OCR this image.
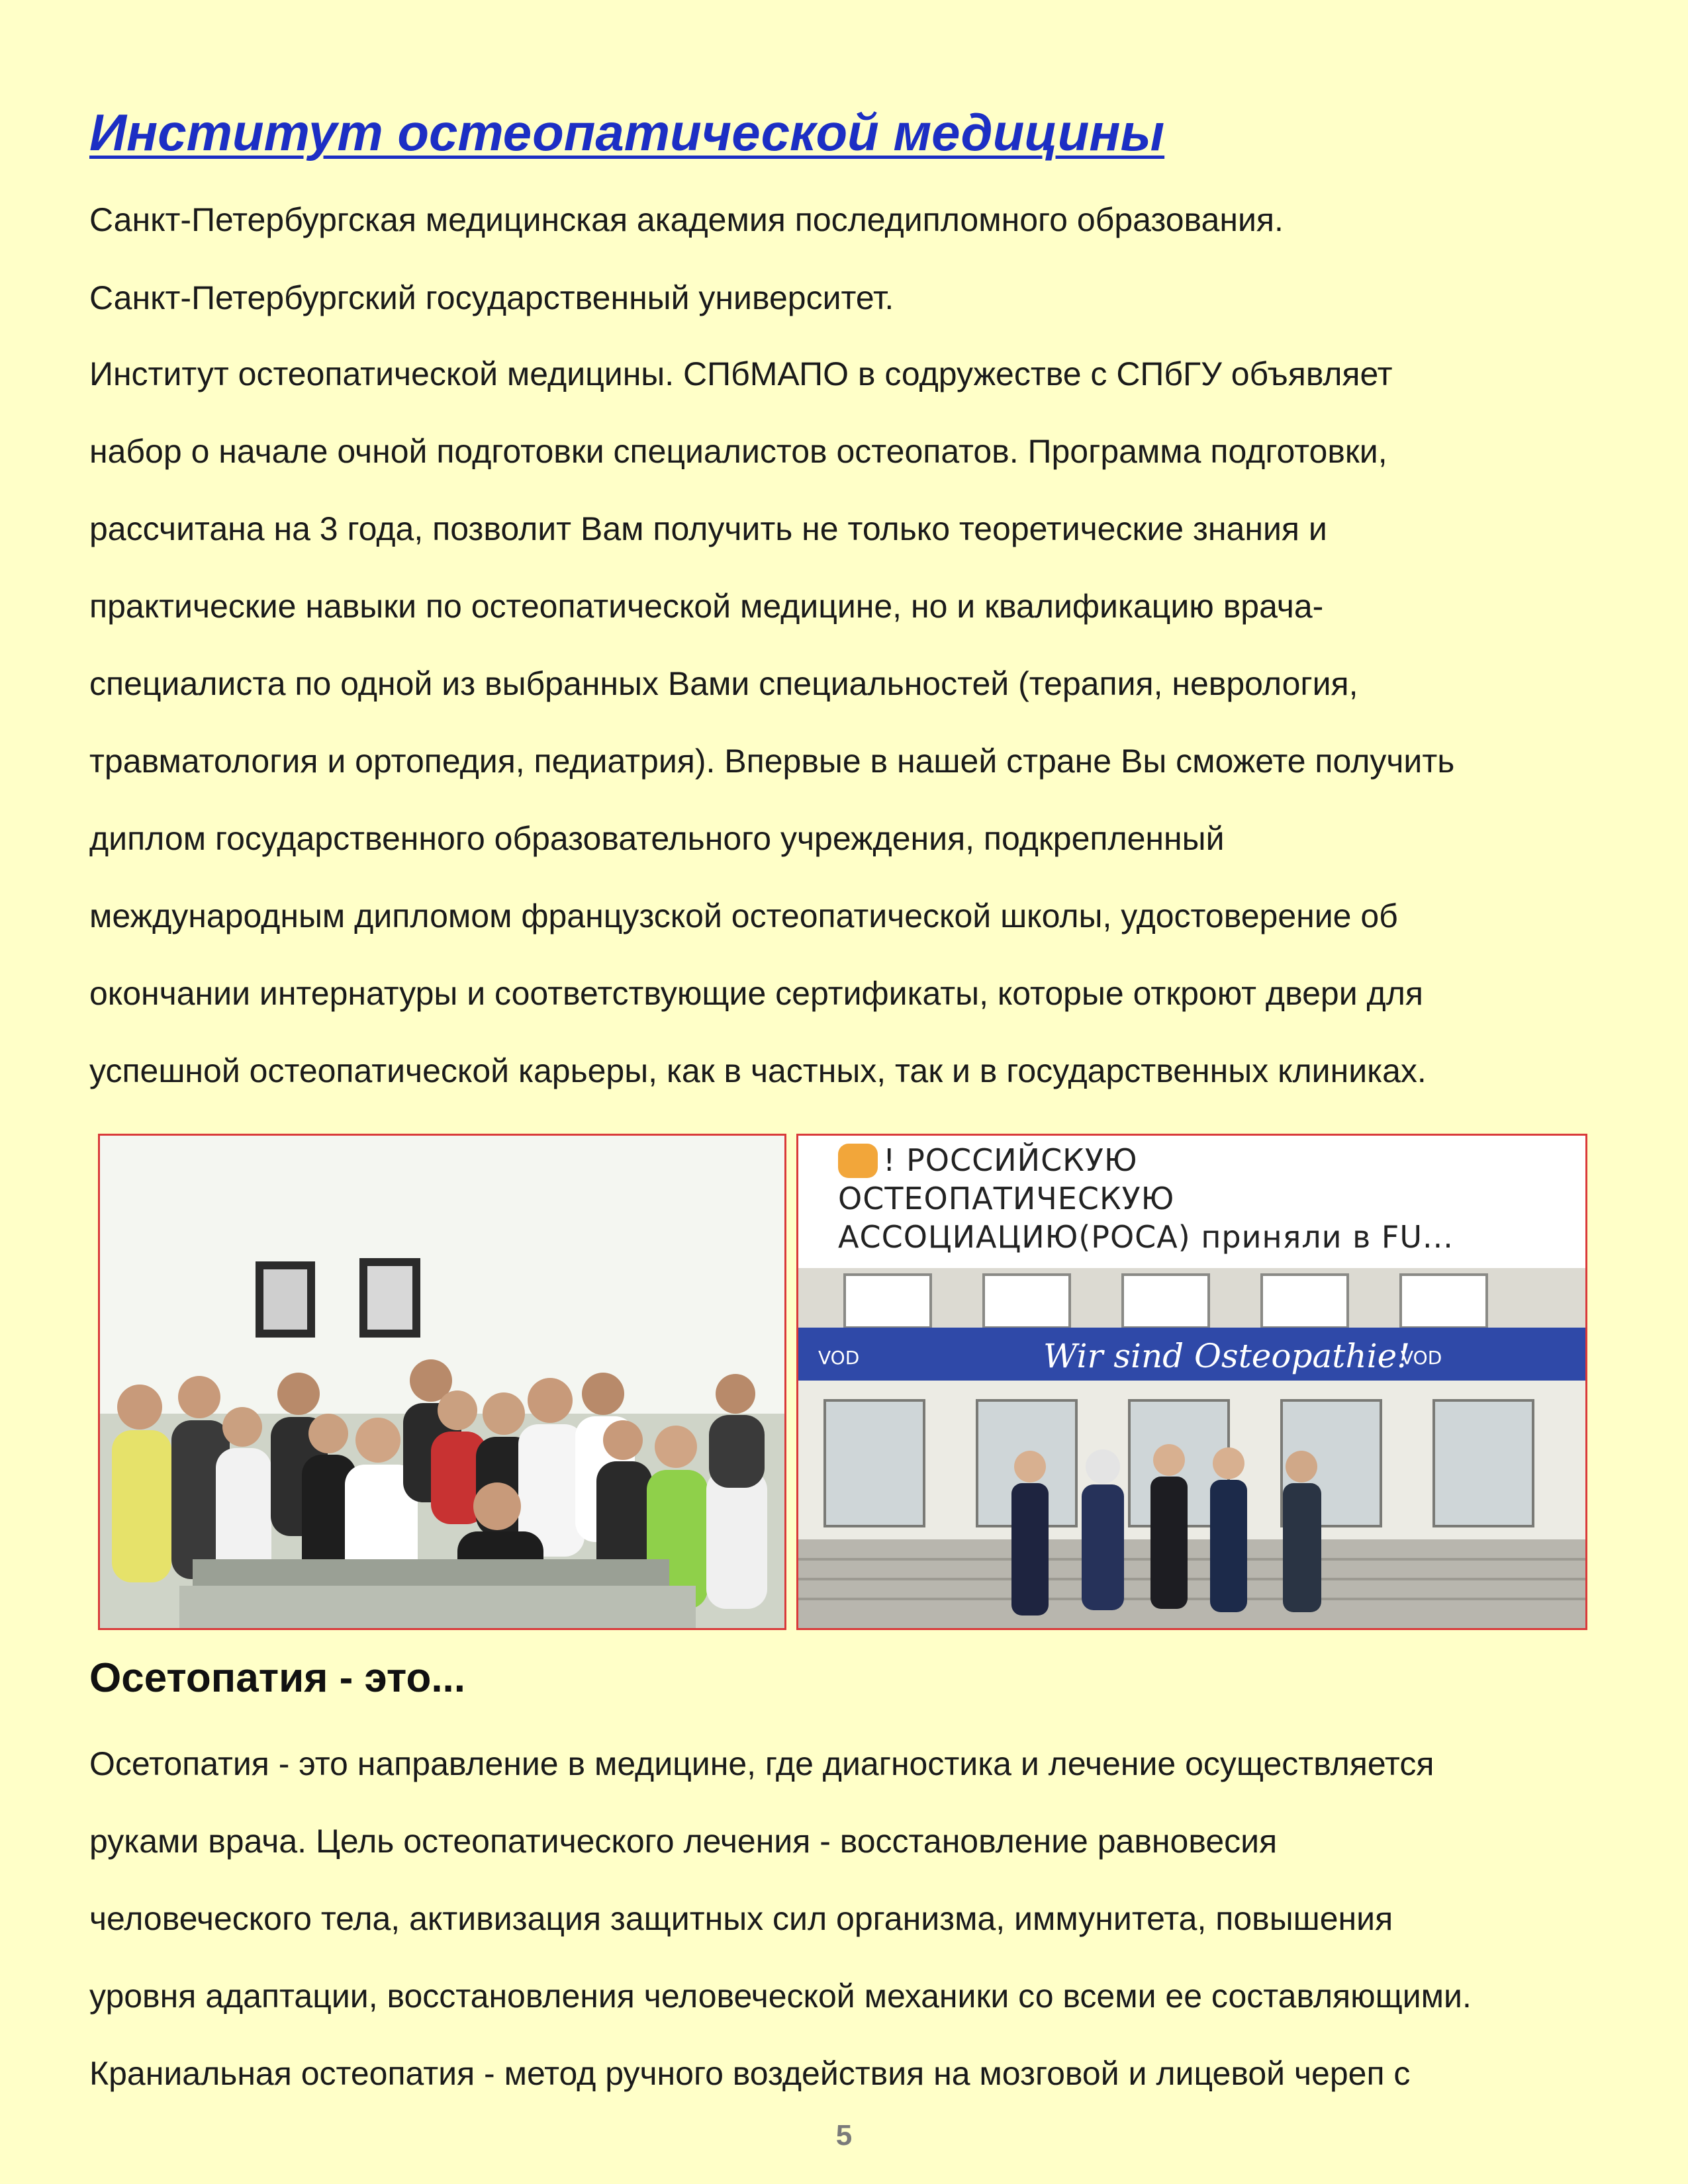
Институт остеопатической медицины

Санкт-Петербургская медицинская академия последипломного образования.

Санкт-Петербургский государственный университет.

Институт остеопатической медицины. СПбМАПО в содружестве с СПбГУ объявляет

набор о начале очной подготовки специалистов остеопатов. Программа подготовки,

рассчитана на 3 года, позволит Вам получить не только теоретические знания и

практические навыки по остеопатической медицине, но и квалификацию врача-

специалиста по одной из выбранных Вами специальностей (терапия, неврология,

травматология и ортопедия, педиатрия). Впервые в нашей стране Вы сможете получить

диплом государственного образовательного учреждения, подкрепленный

международным дипломом французской остеопатической школы, удостоверение об

окончании интернатуры и соответствующие сертификаты, которые откроют двери для

успешной остеопатической карьеры, как в частных, так и в государственных клиниках.

! РОССИЙСКУЮ
ОСТЕОПАТИЧЕСКУЮ
АССОЦИАЦИЮ(РОСА) приняли в FU...
VOD	VOD
Wir sind Osteopathie!
Осетопатия - это...

Осетопатия - это направление в медицине, где диагностика и лечение осуществляется

руками врача. Цель остеопатического лечения - восстановление равновесия

человеческого тела, активизация защитных сил организма, иммунитета, повышения

уровня адаптации, восстановления человеческой механики со всеми ее составляющими.

Краниальная остеопатия - метод ручного воздействия на мозговой и лицевой череп с

5
